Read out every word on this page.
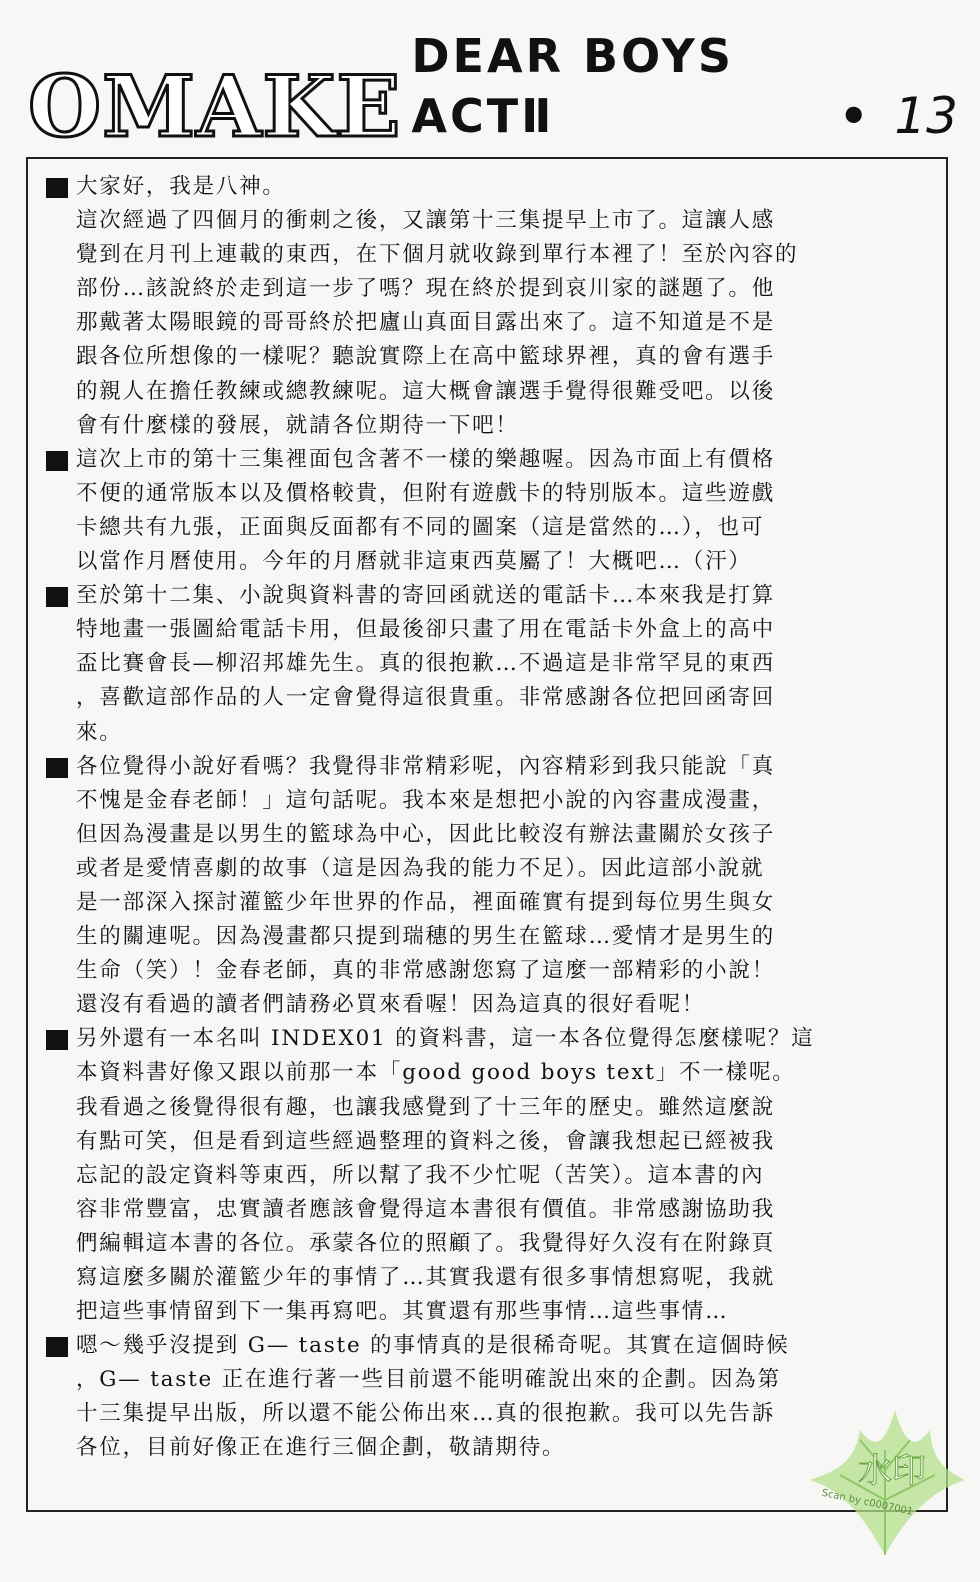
OMAKE
DEAR BOYS ACTⅡ	• 13
大家好，我是八神。
這次經過了四個月的衝刺之後，又讓第十三集提早上市了。這讓人感
覺到在月刊上連載的東西，在下個月就收錄到單行本裡了！至於內容的
部份…該說終於走到這一步了嗎？現在終於提到哀川家的謎題了。他
那戴著太陽眼鏡的哥哥終於把廬山真面目露出來了。這不知道是不是
跟各位所想像的一樣呢？聽說實際上在高中籃球界裡，真的會有選手
的親人在擔任教練或總教練呢。這大概會讓選手覺得很難受吧。以後
會有什麼樣的發展，就請各位期待一下吧！
這次上市的第十三集裡面包含著不一樣的樂趣喔。因為市面上有價格
不便的通常版本以及價格較貴，但附有遊戲卡的特別版本。這些遊戲
卡總共有九張，正面與反面都有不同的圖案（這是當然的…），也可
以當作月曆使用。今年的月曆就非這東西莫屬了！大概吧…（汗）
至於第十二集、小說與資料書的寄回函就送的電話卡…本來我是打算
特地畫一張圖給電話卡用，但最後卻只畫了用在電話卡外盒上的高中
盃比賽會長—柳沼邦雄先生。真的很抱歉…不過這是非常罕見的東西
，喜歡這部作品的人一定會覺得這很貴重。非常感謝各位把回函寄回
來。
各位覺得小說好看嗎？我覺得非常精彩呢，內容精彩到我只能說「真
不愧是金春老師！」這句話呢。我本來是想把小說的內容畫成漫畫，
但因為漫畫是以男生的籃球為中心，因此比較沒有辦法畫關於女孩子
或者是愛情喜劇的故事（這是因為我的能力不足）。因此這部小說就
是一部深入探討灌籃少年世界的作品，裡面確實有提到每位男生與女
生的關連呢。因為漫畫都只提到瑞穗的男生在籃球…愛情才是男生的
生命（笑）！金春老師，真的非常感謝您寫了這麼一部精彩的小說！
還沒有看過的讀者們請務必買來看喔！因為這真的很好看呢！
另外還有一本名叫 INDEX01 的資料書，這一本各位覺得怎麼樣呢？這
本資料書好像又跟以前那一本「good good boys text」不一樣呢。
我看過之後覺得很有趣，也讓我感覺到了十三年的歷史。雖然這麼說
有點可笑，但是看到這些經過整理的資料之後，會讓我想起已經被我
忘記的設定資料等東西，所以幫了我不少忙呢（苦笑）。這本書的內
容非常豐富，忠實讀者應該會覺得這本書很有價值。非常感謝協助我
們編輯這本書的各位。承蒙各位的照顧了。我覺得好久沒有在附錄頁
寫這麼多關於灌籃少年的事情了…其實我還有很多事情想寫呢，我就
把這些事情留到下一集再寫吧。其實還有那些事情…這些事情…
嗯～幾乎沒提到 G— taste 的事情真的是很稀奇呢。其實在這個時候
，G— taste 正在進行著一些目前還不能明確說出來的企劃。因為第
十三集提早出版，所以還不能公佈出來…真的很抱歉。我可以先告訴
各位，目前好像正在進行三個企劃，敬請期待。
水印
Scan by c0007001
